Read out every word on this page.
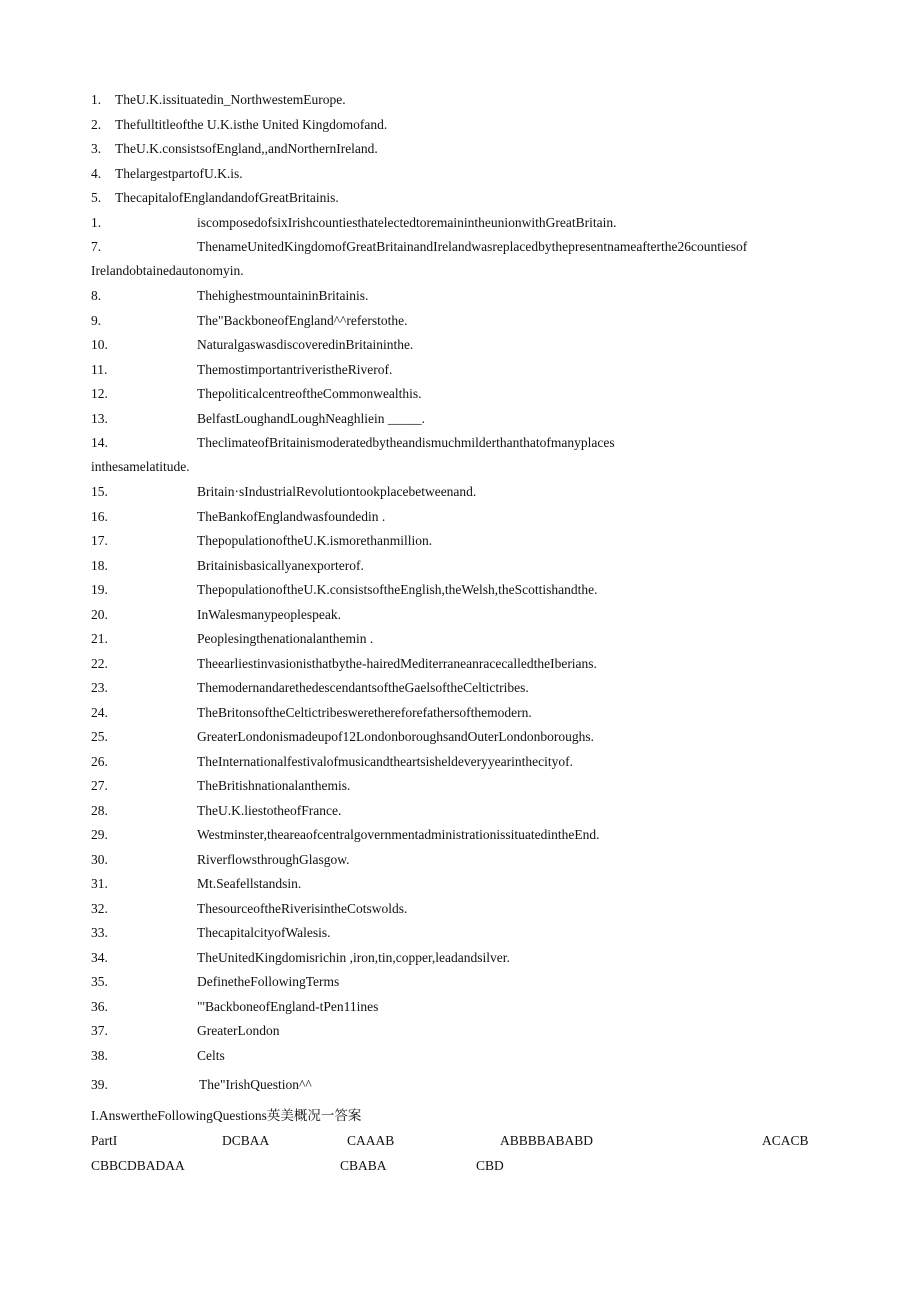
1. TheU.K.issituatedin_NorthwestemEurope.
2. Thefulltitleofthe U.K.isthe United Kingdomofand.
3. TheU.K.consistsofEngland,,andNorthernIreland.
4. ThelargestpartofU.K.is.
5. ThecapitalofEnglandandofGreatBritainis.
1.	iscomposedofsixIrishcountiesthatelectedtoremainintheunionwithGreatBritain.
7.	ThenameUnitedKingdomofGreatBritainandIrelandwasreplacedbythepresentnameafterthe26countiesof
Irelandobtainedautonomyin.
8.	ThehighestmountaininBritainis.
9.	The"BackboneofEngland^^referstothe.
10.	NaturalgaswasdiscoveredinBritaininthe.
11.	ThemostimportantriveristheRiverof.
12.	ThepoliticalcentreoftheCommonwealthis.
13.	BelfastLoughandLoughNeaghliein _____.
14.	TheclimateofBritainismoderatedbytheandismuchmilderthanthatofmanyplaces
inthesamelatitude.
15.	Britain·sIndustrialRevolutiontookplacebetweenand.
16.	TheBankofEnglandwasfoundedin .
17.	ThepopulationoftheU.K.ismorethanmillion.
18.	Britainisbasicallyanexporterof.
19.	ThepopulationoftheU.K.consistsoftheEnglish,theWelsh,theScottishandthe.
20.	InWalesmanypeoplespeak.
21.	Peoplesingthenationalanthemin .
22.	Theearliestinvasionisthatbythe-hairedMediterraneanracecalledtheIberians.
23.	ThemodernandarethedescendantsoftheGaelsoftheCeltictribes.
24.	TheBritonsoftheCeltictribeswerethereforefathersofthemodern.
25.	GreaterLondonismadeupof12LondonboroughsandOuterLondonboroughs.
26.	TheInternationalfestivalofmusicandtheartsisheldeveryyearinthecityof.
27.	TheBritishnationalanthemis.
28.	TheU.K.liestotheofFrance.
29.	Westminster,theareaofcentralgovernmentadministrationissituatedintheEnd.
30.	RiverflowsthroughGlasgow.
31.	Mt.Seafellstandsin.
32.	ThesourceoftheRiverisintheCotswolds.
33.	ThecapitalcityofWalesis.
34.	TheUnitedKingdomisrichin ,iron,tin,copper,leadandsilver.
35.	DefinetheFollowingTerms
36.	"'BackboneofEngland-tPen11ines
37.	GreaterLondon
38.	Celts
39.	The"IrishQuestion^^
I.AnswertheFollowingQuestions英美概况一答案
PartI	DCBAA	CAAAB	ABBBBABABD	ACACB
CBBCDBADAA	CBABA	CBD
